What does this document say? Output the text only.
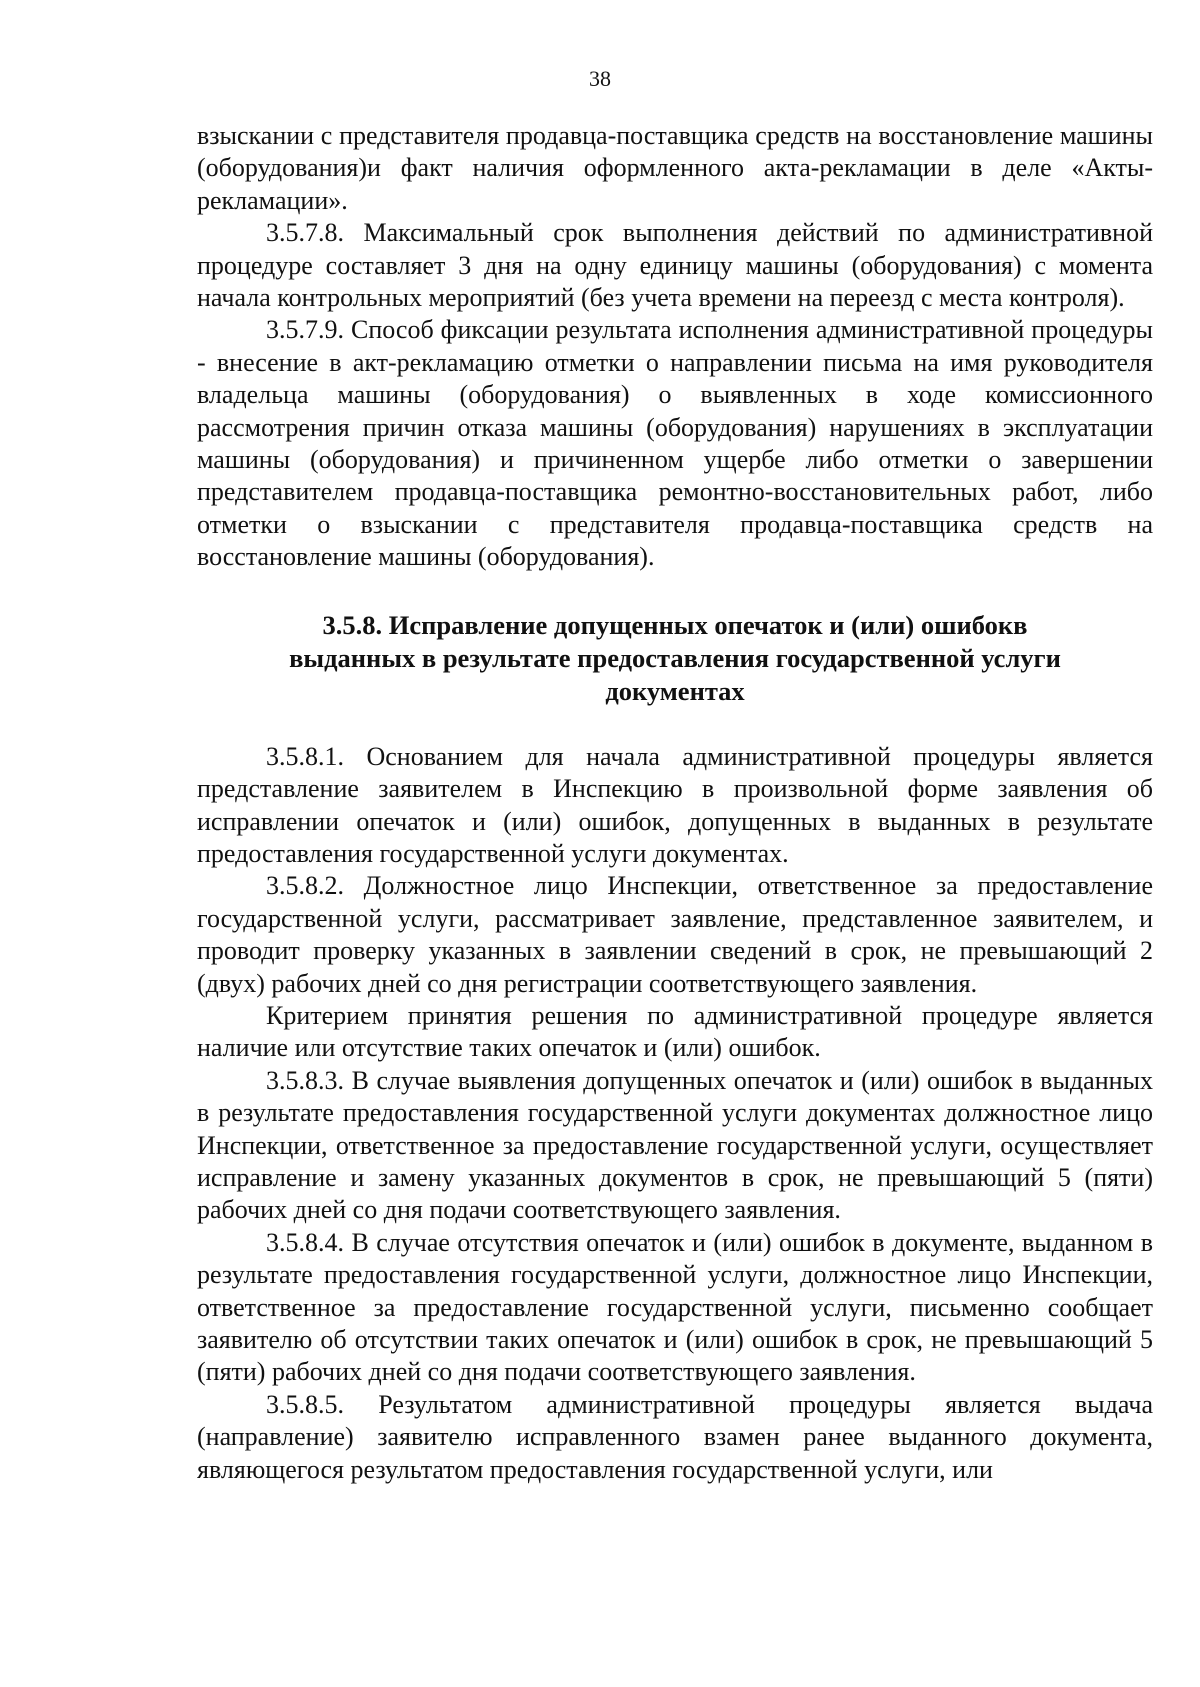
38

взыскании с представителя продавца-поставщика средств на восстановление машины (оборудования)и факт наличия оформленного акта-рекламации в деле «Акты-рекламации».

3.5.7.8. Максимальный срок выполнения действий по административной процедуре составляет 3 дня на одну единицу машины (оборудования) с момента начала контрольных мероприятий (без учета времени на переезд с места контроля).

3.5.7.9. Способ фиксации результата исполнения административной процедуры - внесение в акт-рекламацию отметки о направлении письма на имя руководителя владельца машины (оборудования) о выявленных в ходе комиссионного рассмотрения причин отказа машины (оборудования) нарушениях в эксплуатации машины (оборудования) и причиненном ущербе либо отметки о завершении представителем продавца-поставщика ремонтно-восстановительных работ, либо отметки о взыскании с представителя продавца-поставщика средств на восстановление машины (оборудования).

3.5.8. Исправление допущенных опечаток и (или) ошибокв
выданных в результате предоставления государственной услуги
документах

3.5.8.1. Основанием для начала административной процедуры является представление заявителем в Инспекцию в произвольной форме заявления об исправлении опечаток и (или) ошибок, допущенных в выданных в результате предоставления государственной услуги документах.

3.5.8.2. Должностное лицо Инспекции, ответственное за предоставление государственной услуги, рассматривает заявление, представленное заявителем, и проводит проверку указанных в заявлении сведений в срок, не превышающий 2 (двух) рабочих дней со дня регистрации соответствующего заявления.

Критерием принятия решения по административной процедуре является наличие или отсутствие таких опечаток и (или) ошибок.

3.5.8.3. В случае выявления допущенных опечаток и (или) ошибок в выданных в результате предоставления государственной услуги документах должностное лицо Инспекции, ответственное за предоставление государственной услуги, осуществляет исправление и замену указанных документов в срок, не превышающий 5 (пяти) рабочих дней со дня подачи соответствующего заявления.

3.5.8.4. В случае отсутствия опечаток и (или) ошибок в документе, выданном в результате предоставления государственной услуги, должностное лицо Инспекции, ответственное за предоставление государственной услуги, письменно сообщает заявителю об отсутствии таких опечаток и (или) ошибок в срок, не превышающий 5 (пяти) рабочих дней со дня подачи соответствующего заявления.

3.5.8.5. Результатом административной процедуры является выдача (направление) заявителю исправленного взамен ранее выданного документа, являющегося результатом предоставления государственной услуги, или
